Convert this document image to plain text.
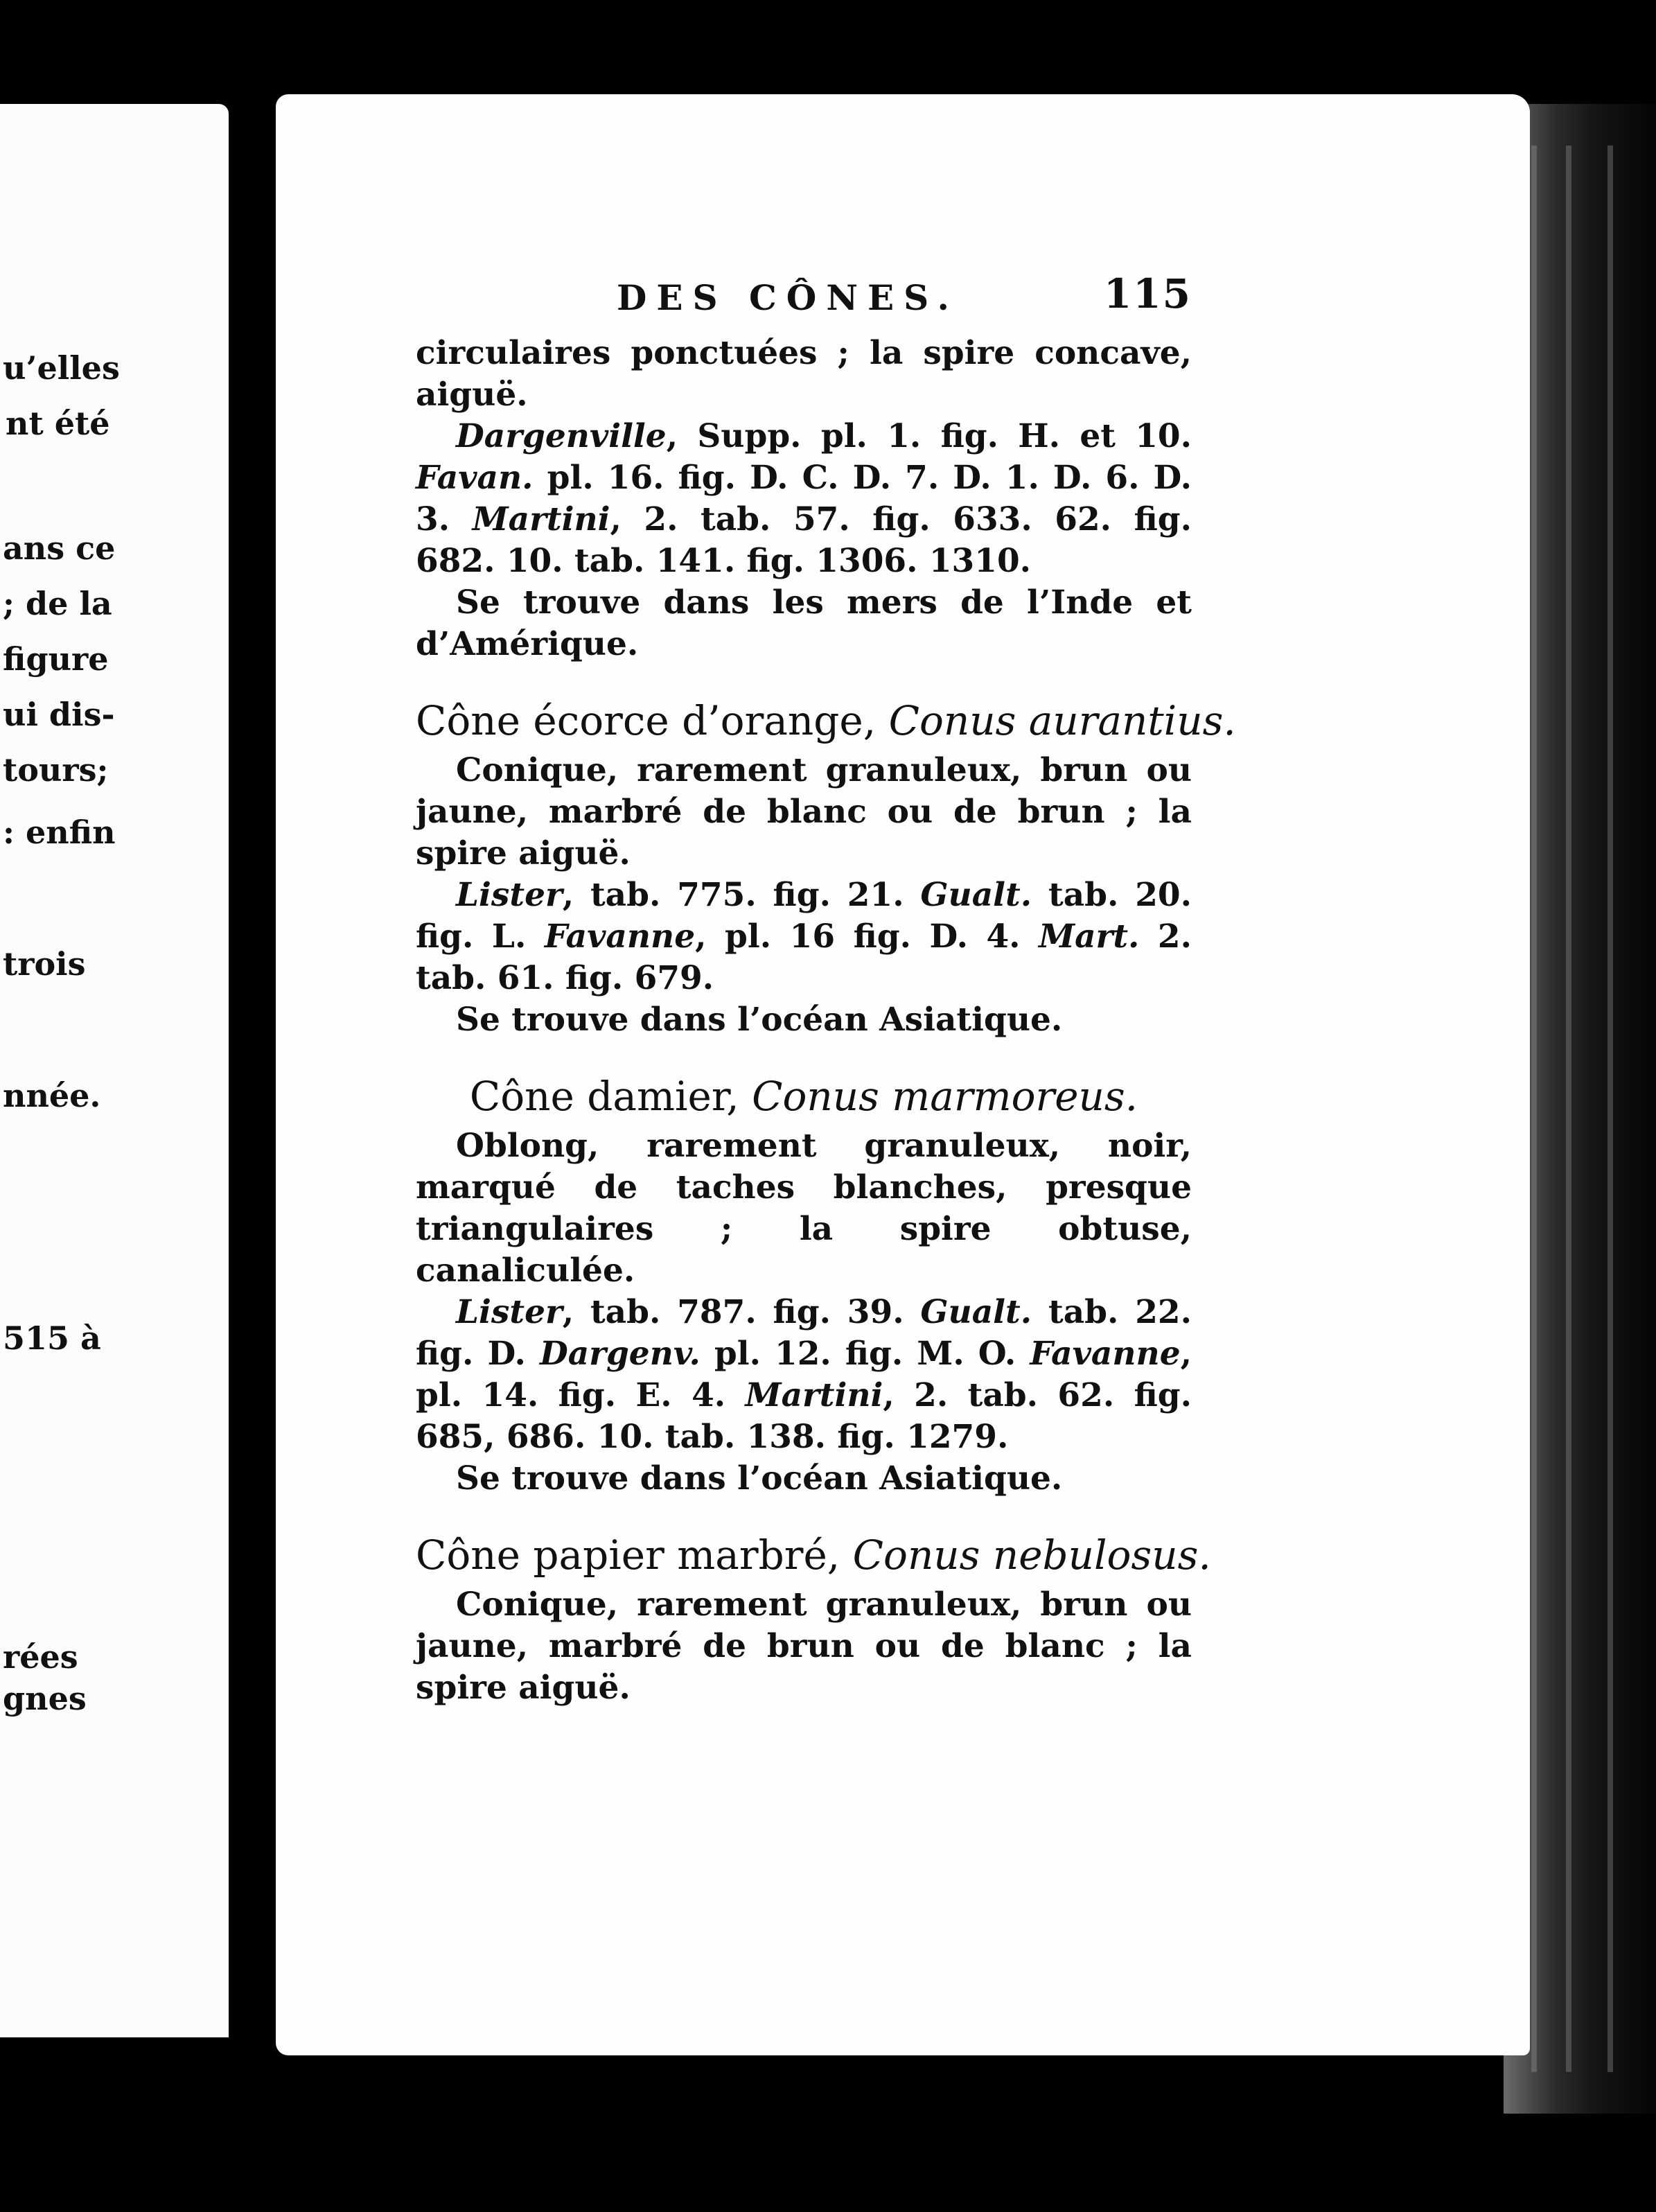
u’elles

nt été

ans ce

; de la

figure

ui dis-

tours;

: enfin

trois

nnée.

515 à

rées

gnes

DES CÔNES.	115

circulaires ponctuées ; la spire concave, aiguë.

Dargenville, Supp. pl. 1. fig. H. et 10. Favan. pl. 16. fig. D. C. D. 7. D. 1. D. 6. D. 3. Martini, 2. tab. 57. fig. 633. 62. fig. 682. 10. tab. 141. fig. 1306. 1310.

Se trouve dans les mers de l’Inde et d’Amérique.

Cône écorce d’orange, Conus aurantius.

Conique, rarement granuleux, brun ou jaune, marbré de blanc ou de brun ; la spire aiguë.

Lister, tab. 775. fig. 21. Gualt. tab. 20. fig. L. Favanne, pl. 16 fig. D. 4. Mart. 2. tab. 61. fig. 679.

Se trouve dans l’océan Asiatique.

Cône damier, Conus marmoreus.

Oblong, rarement granuleux, noir, marqué de taches blanches, presque triangulaires ; la spire obtuse, canaliculée.

Lister, tab. 787. fig. 39. Gualt. tab. 22. fig. D. Dargenv. pl. 12. fig. M. O. Favanne, pl. 14. fig. E. 4. Martini, 2. tab. 62. fig. 685, 686. 10. tab. 138. fig. 1279.

Se trouve dans l’océan Asiatique.

Cône papier marbré, Conus nebulosus.

Conique, rarement granuleux, brun ou jaune, marbré de brun ou de blanc ; la spire aiguë.
